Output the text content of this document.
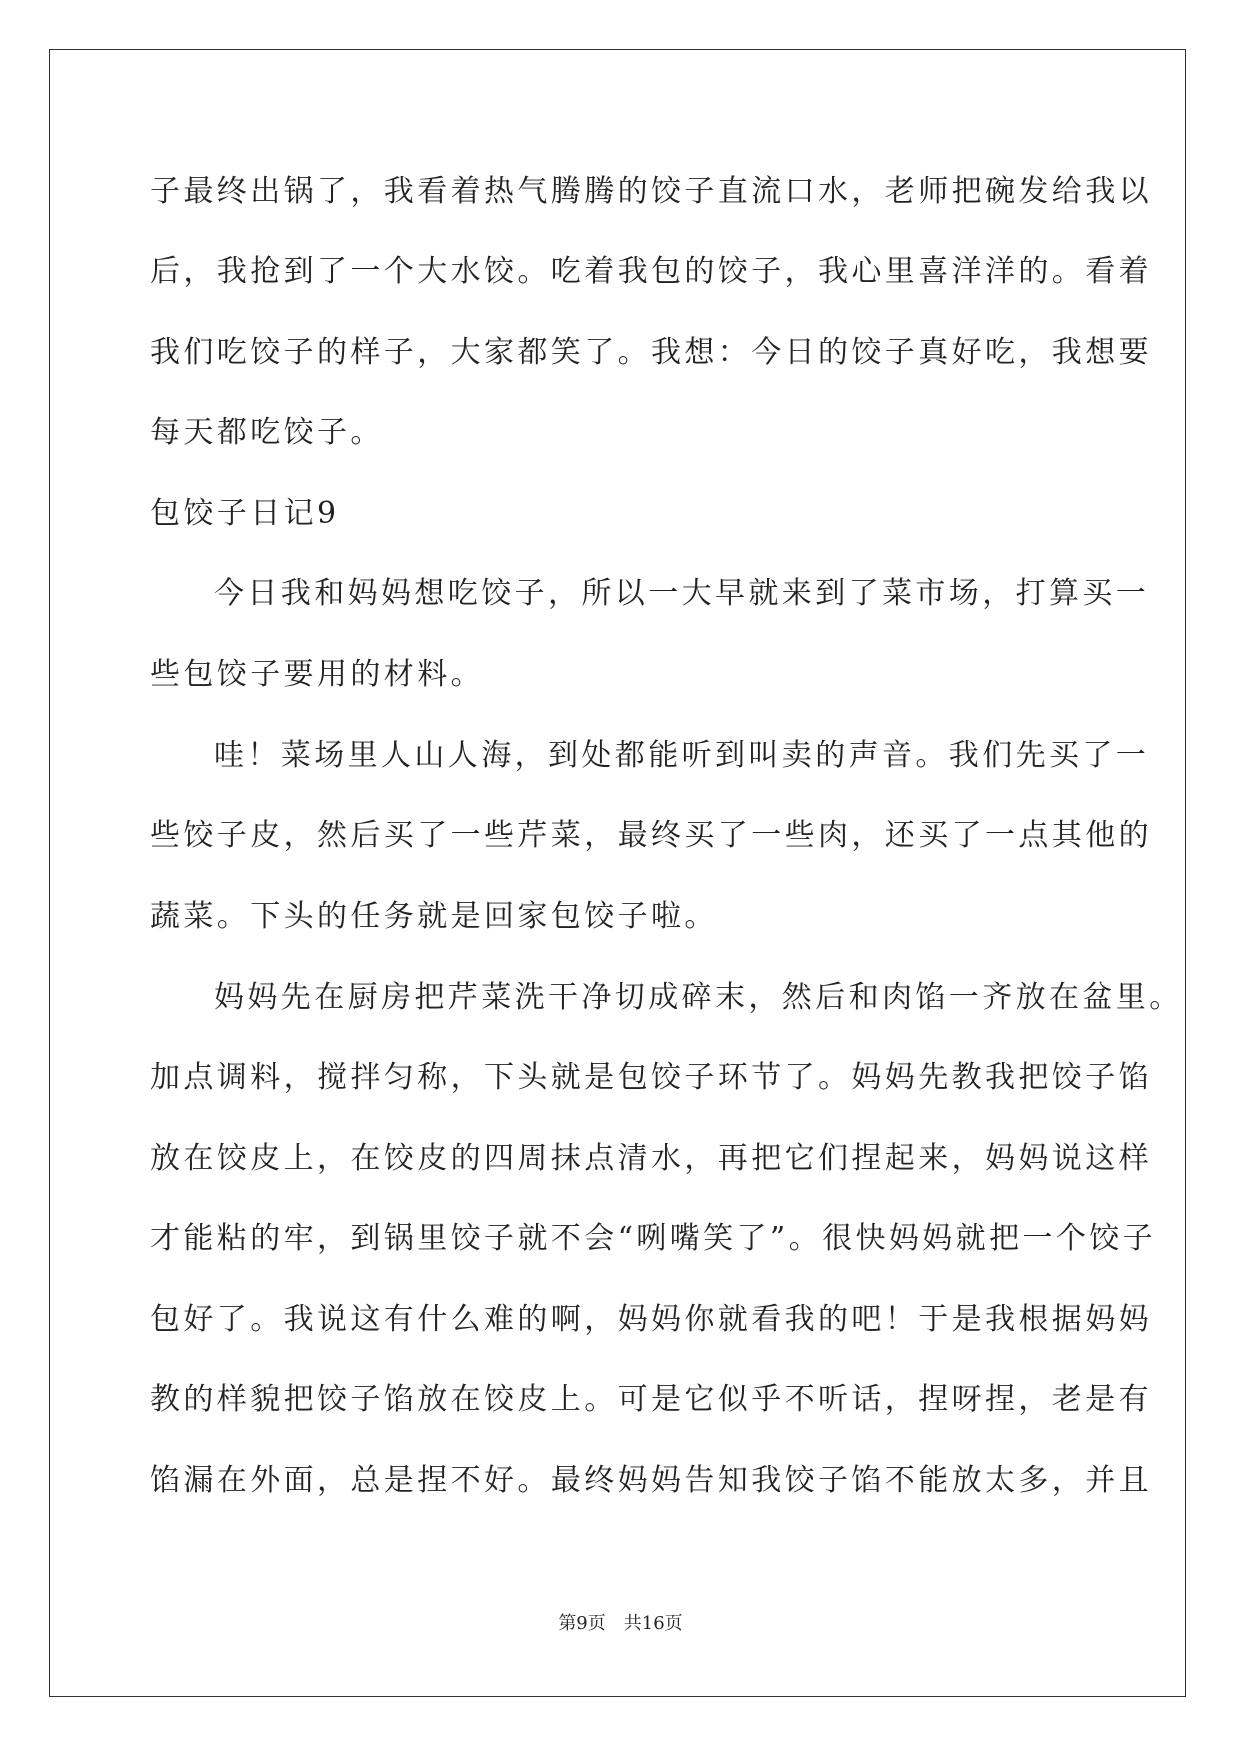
子最终出锅了，我看着热气腾腾的饺子直流口水，老师把碗发给我以
后，我抢到了一个大水饺。吃着我包的饺子，我心里喜洋洋的。看着
我们吃饺子的样子，大家都笑了。我想：今日的饺子真好吃，我想要
每天都吃饺子。
包饺子日记9
今日我和妈妈想吃饺子，所以一大早就来到了菜市场，打算买一
些包饺子要用的材料。
哇！菜场里人山人海，到处都能听到叫卖的声音。我们先买了一
些饺子皮，然后买了一些芹菜，最终买了一些肉，还买了一点其他的
蔬菜。下头的任务就是回家包饺子啦。
妈妈先在厨房把芹菜洗干净切成碎末，然后和肉馅一齐放在盆里。
加点调料，搅拌匀称，下头就是包饺子环节了。妈妈先教我把饺子馅
放在饺皮上，在饺皮的四周抹点清水，再把它们捏起来，妈妈说这样
才能粘的牢，到锅里饺子就不会“咧嘴笑了”。很快妈妈就把一个饺子
包好了。我说这有什么难的啊，妈妈你就看我的吧！于是我根据妈妈
教的样貌把饺子馅放在饺皮上。可是它似乎不听话，捏呀捏，老是有
馅漏在外面，总是捏不好。最终妈妈告知我饺子馅不能放太多，并且
第9页 共16页
